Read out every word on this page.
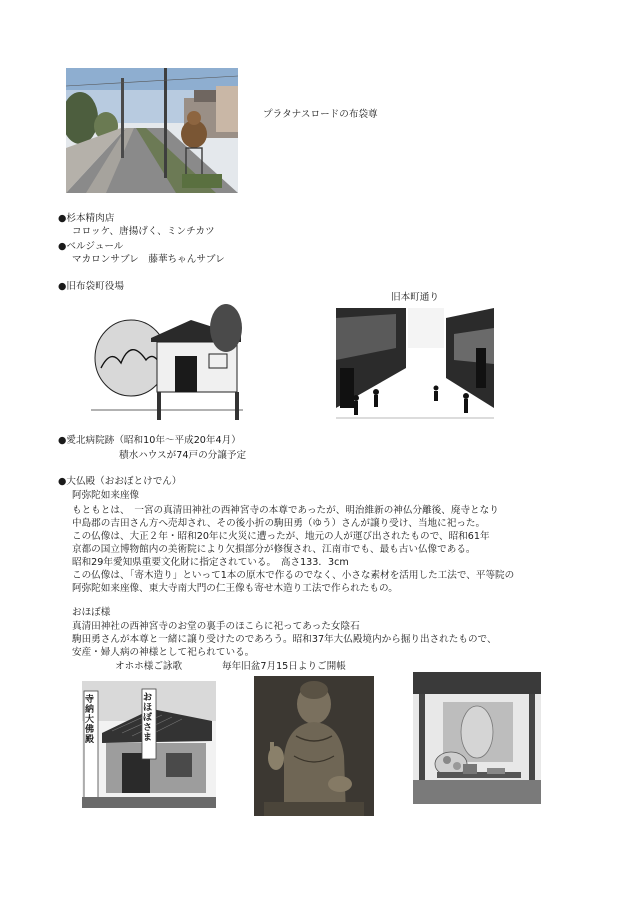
プラタナスロードの布袋尊
●杉本精肉店
コロッケ、唐揚げく、ミンチカツ
●ベルジュール
マカロンサブレ　藤華ちゃんサブレ
●旧布袋町役場
旧本町通り
●愛北病院跡（昭和10年～平成20年4月）
積水ハウスが74戸の分譲予定
●大仏殿（おおぼとけでん）
阿弥陀如来座像
もともとは、　一宮の真清田神社の西神宮寺の本尊であったが、明治維新の神仏分離後、廃寺となり
中島郡の吉田さん方へ売却され、その後小折の駒田勇（ゆう）さんが譲り受け、当地に祀った。
この仏像は、大正２年・昭和20年に火災に遭ったが、地元の人が運び出されたもので、昭和61年
京都の国立博物館内の美術院により欠損部分が修復され、江南市でも、最も古い仏像である。
昭和29年愛知県重要文化財に指定されている。　高さ133．3cm
この仏像は、「寄木造り」といって1本の原木で作るのでなく、小さな素材を活用した工法で、平等院の
阿弥陀如来座像、東大寺南大門の仁王像も寄せ木造り工法で作られたもの。
おほぼ様
真清田神社の西神宮寺のお堂の裏手のほこらに祀ってあった女陰石
駒田勇さんが本尊と一緒に譲り受けたのであろう。昭和37年大仏殿境内から掘り出されたもので、
安産・婦人病の神様として祀られている。
オホホ様ご詠歌	毎年旧盆7月15日よりご開帳
寺納大佛殿
おほぼさま
